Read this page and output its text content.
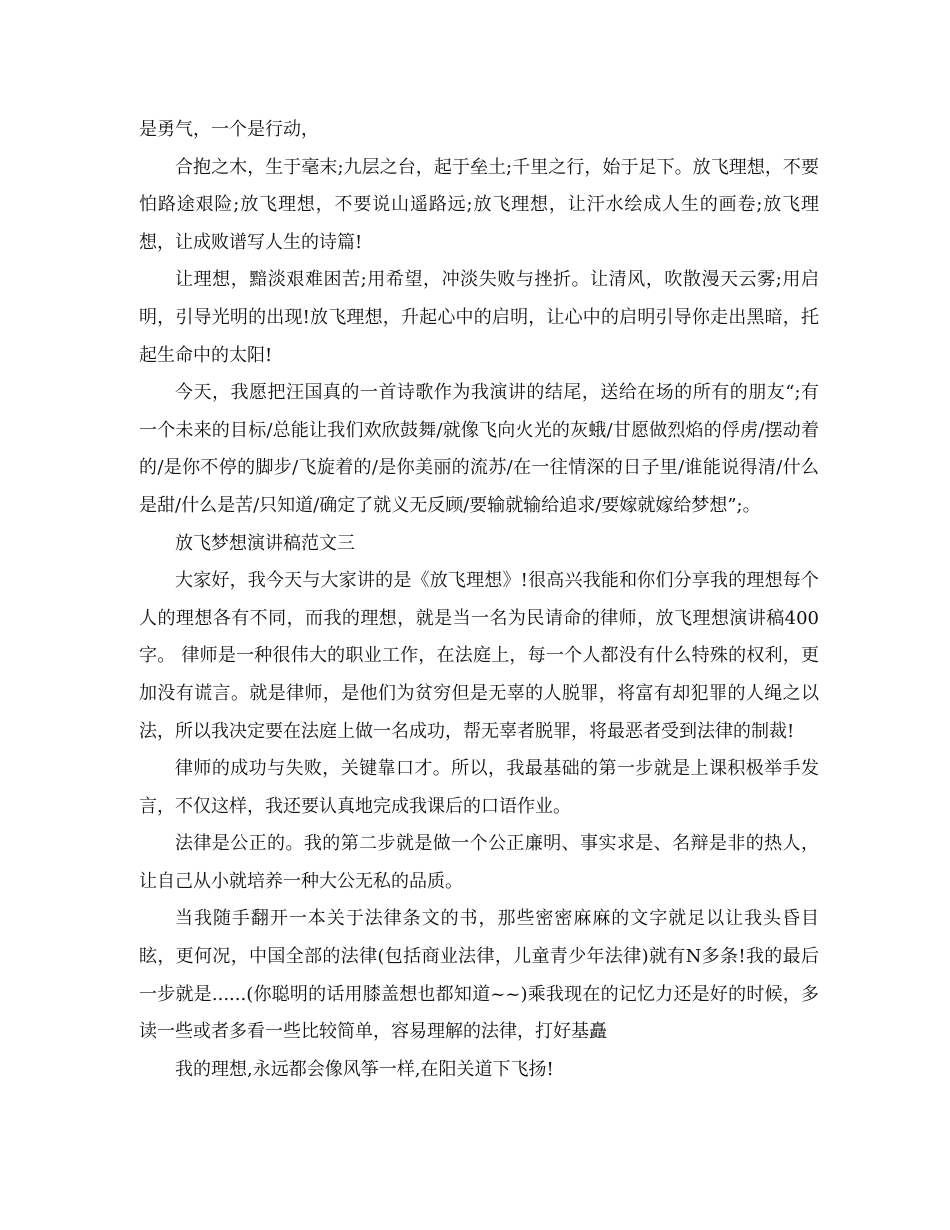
是勇气，一个是行动，

合抱之木，生于毫末;九层之台，起于垒土;千里之行，始于足下。放飞理想，不要怕路途艰险;放飞理想，不要说山遥路远;放飞理想，让汗水绘成人生的画卷;放飞理想，让成败谱写人生的诗篇!

让理想，黯淡艰难困苦;用希望，冲淡失败与挫折。让清风，吹散漫天云雾;用启明，引导光明的出现!放飞理想，升起心中的启明，让心中的启明引导你走出黑暗，托起生命中的太阳!

今天，我愿把汪国真的一首诗歌作为我演讲的结尾，送给在场的所有的朋友“;有一个未来的目标/总能让我们欢欣鼓舞/就像飞向火光的灰蛾/甘愿做烈焰的俘虏/摆动着的/是你不停的脚步/飞旋着的/是你美丽的流苏/在一往情深的日子里/谁能说得清/什么是甜/什么是苦/只知道/确定了就义无反顾/要输就输给追求/要嫁就嫁给梦想”;。

放飞梦想演讲稿范文三

大家好，我今天与大家讲的是《放飞理想》!很高兴我能和你们分享我的理想每个人的理想各有不同，而我的理想，就是当一名为民请命的律师，放飞理想演讲稿400字。 律师是一种很伟大的职业工作，在法庭上，每一个人都没有什么特殊的权利，更加没有谎言。就是律师，是他们为贫穷但是无辜的人脱罪，将富有却犯罪的人绳之以法，所以我决定要在法庭上做一名成功，帮无辜者脱罪，将最恶者受到法律的制裁!

律师的成功与失败，关键靠口才。所以，我最基础的第一步就是上课积极举手发言，不仅这样，我还要认真地完成我课后的口语作业。

法律是公正的。我的第二步就是做一个公正廉明、事实求是、名辩是非的热人，让自己从小就培养一种大公无私的品质。

当我随手翻开一本关于法律条文的书，那些密密麻麻的文字就足以让我头昏目眩，更何况，中国全部的法律(包括商业法律，儿童青少年法律)就有N多条!我的最后一步就是......(你聪明的话用膝盖想也都知道~~)乘我现在的记忆力还是好的时候，多读一些或者多看一些比较简单，容易理解的法律，打好基矗

我的理想,永远都会像风筝一样,在阳关道下飞扬!
